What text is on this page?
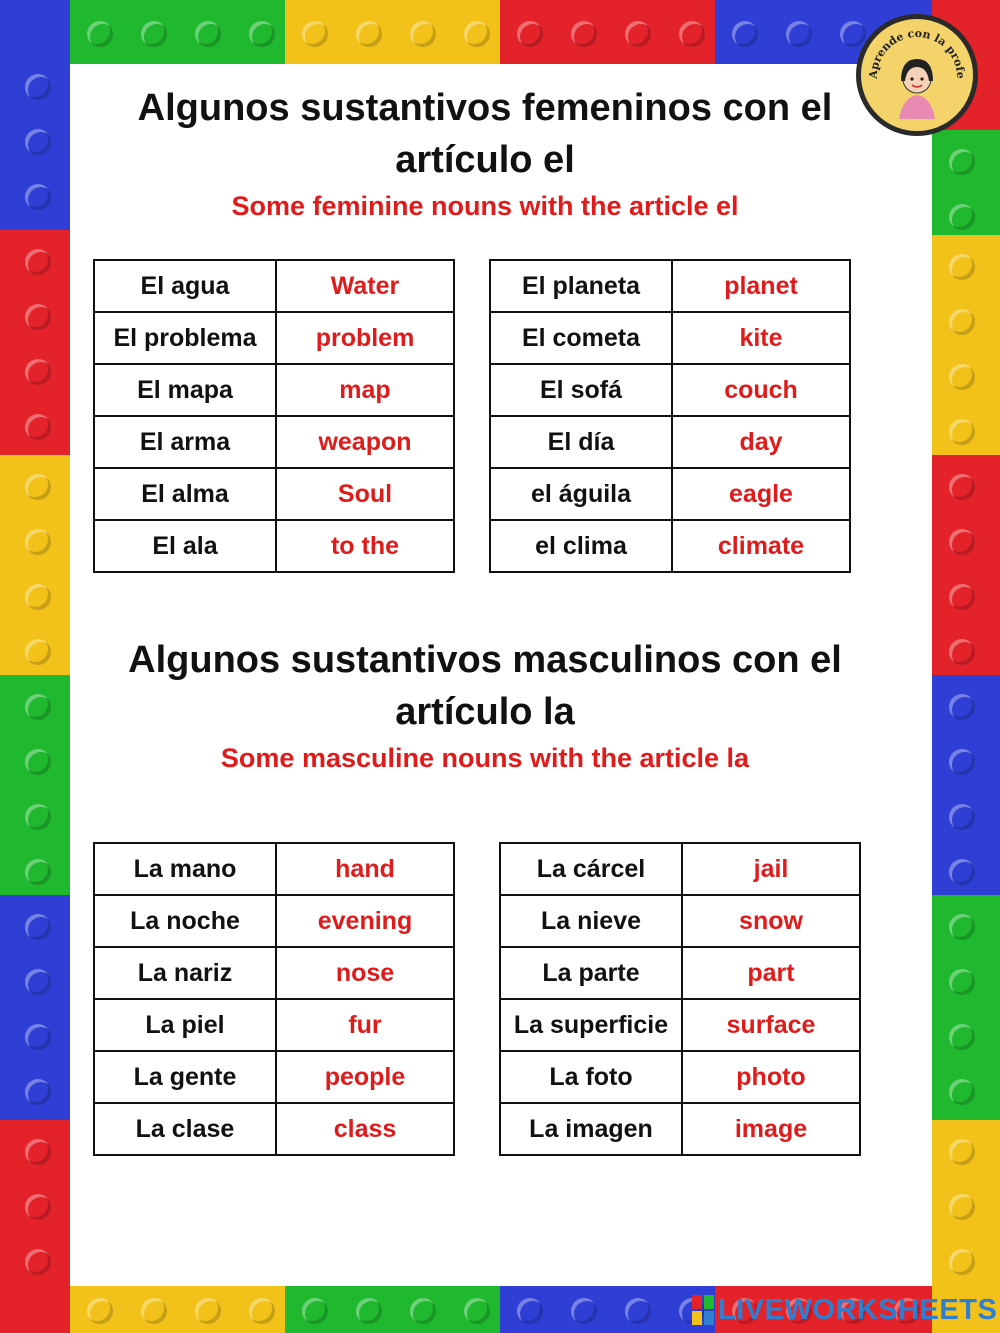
Aprende con la profe
Algunos sustantivos femeninos con el artículo el
Some feminine nouns with the article el
El agua	Water
El problema	problem
El mapa	map
El arma	weapon
El alma	Soul
El ala	to the
El planeta	planet
El cometa	kite
El sofá	couch
El día	day
el águila	eagle
el clima	climate
Algunos sustantivos masculinos con el artículo la
Some masculine nouns with the article la
La mano	hand
La noche	evening
La nariz	nose
La piel	fur
La gente	people
La clase	class
La cárcel	jail
La nieve	snow
La parte	part
La superficie	surface
La foto	photo
La imagen	image
LIVEWORKSHEETS
